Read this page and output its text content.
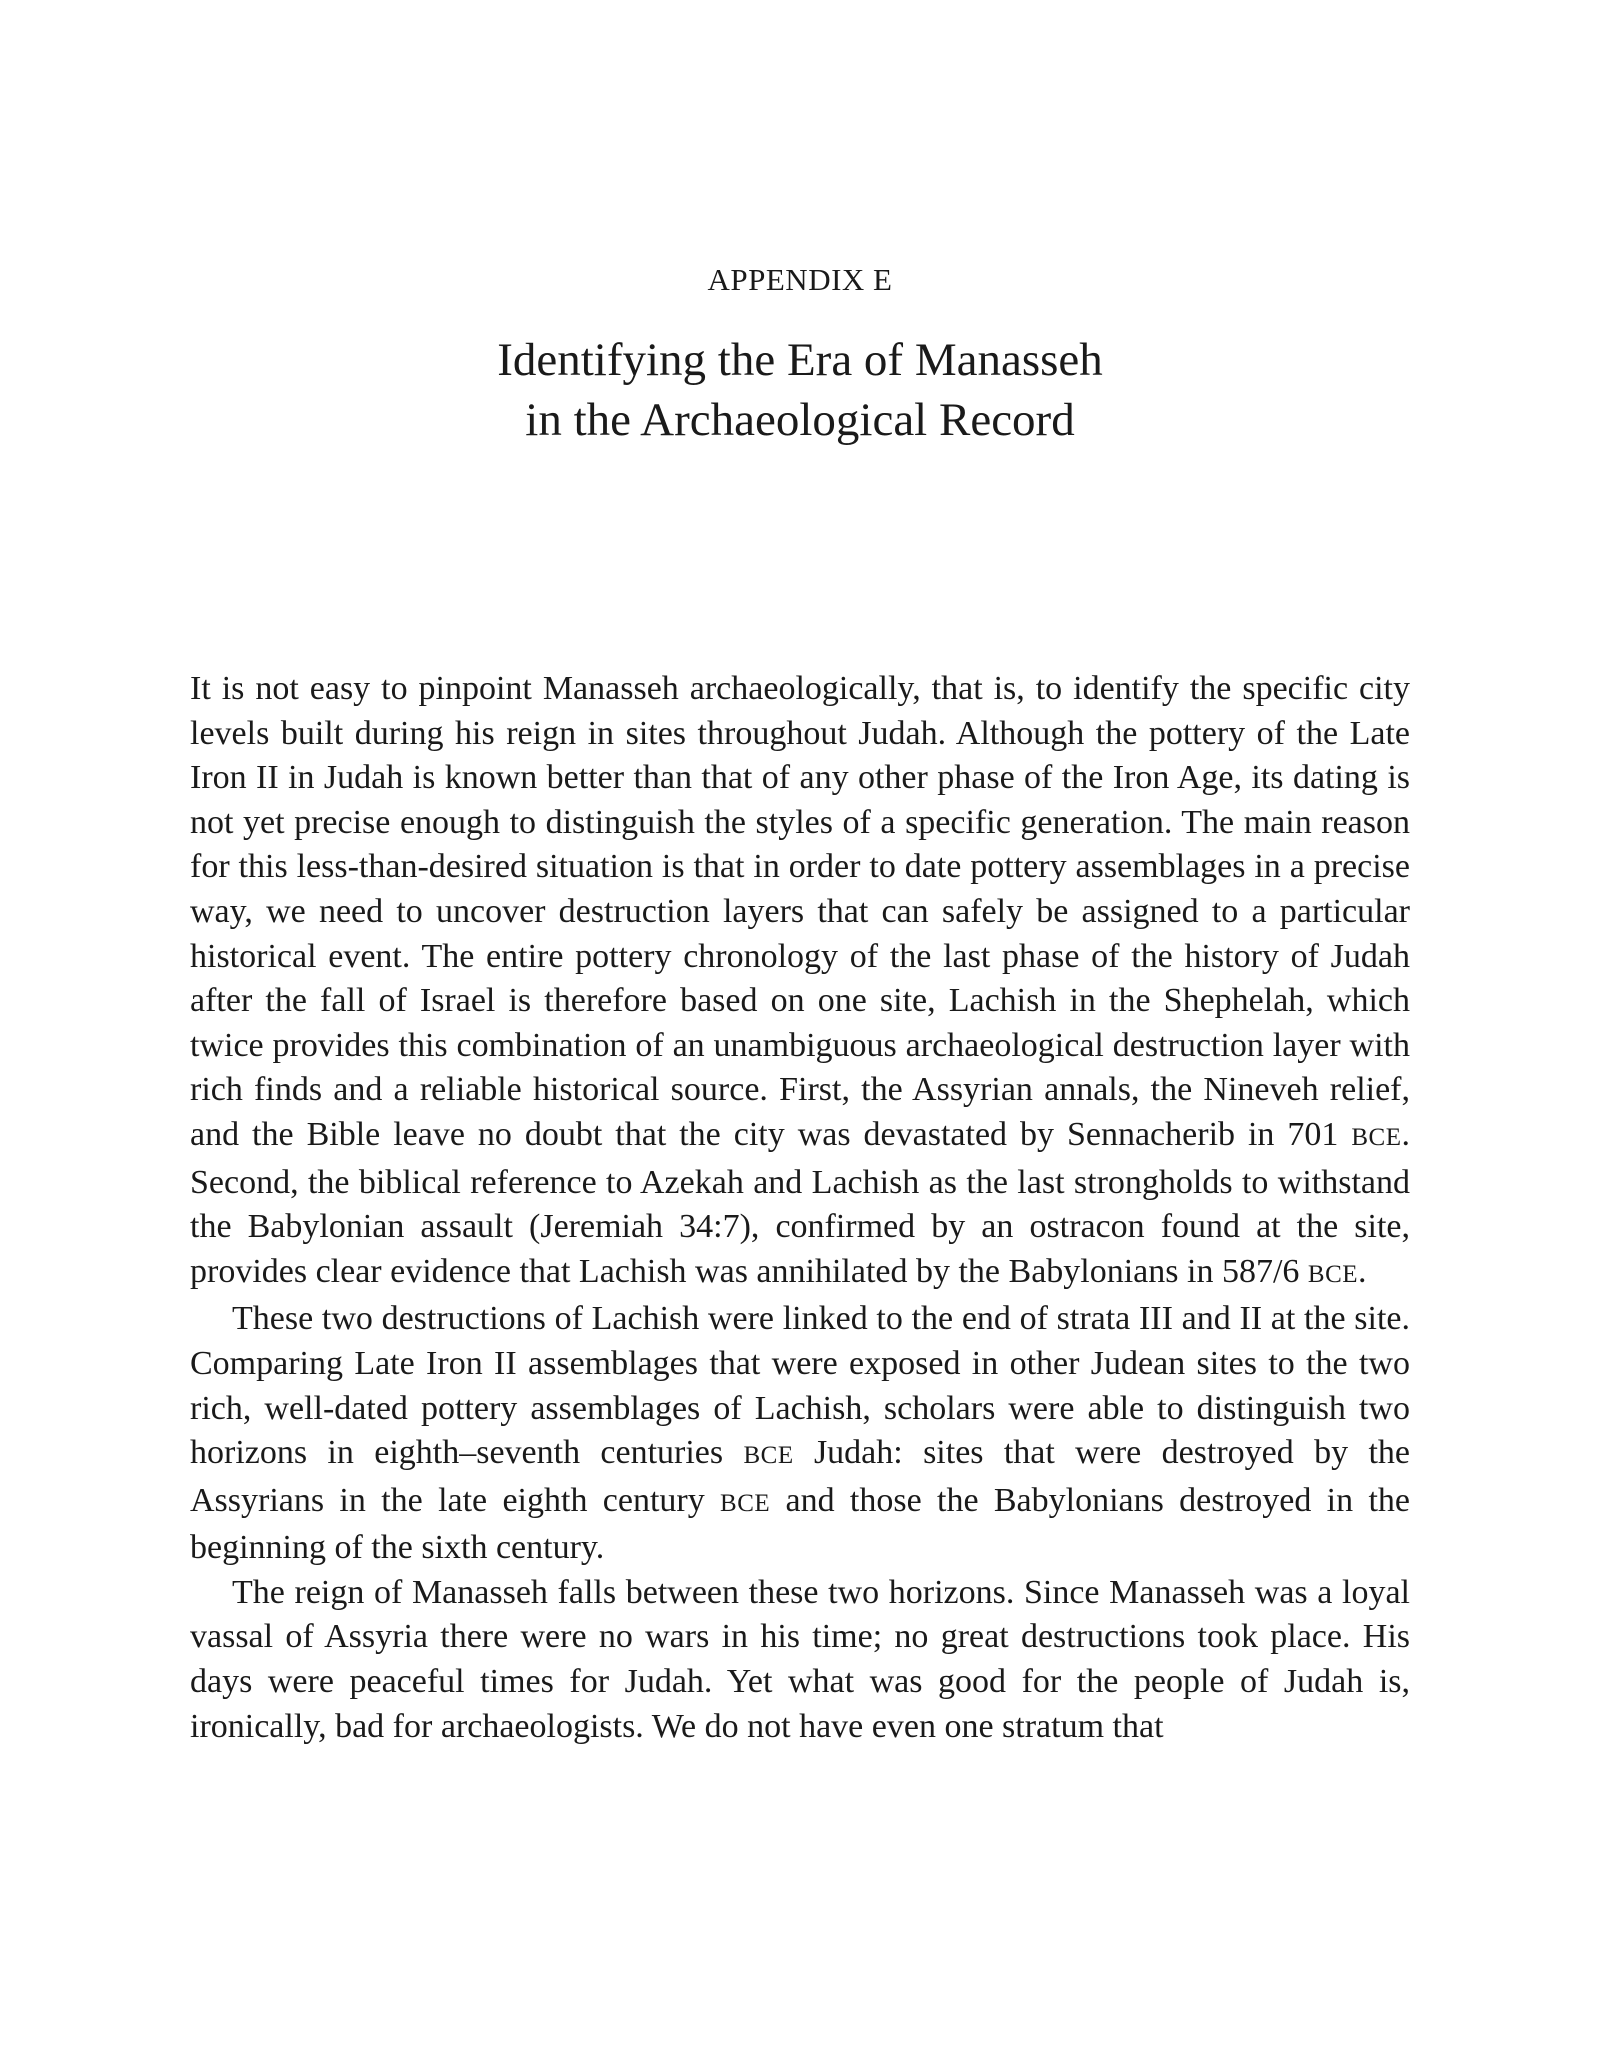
APPENDIX E
Identifying the Era of Manasseh
in the Archaeological Record

It is not easy to pinpoint Manasseh archaeologically, that is, to identify the specific city levels built during his reign in sites throughout Judah. Although the pottery of the Late Iron II in Judah is known better than that of any other phase of the Iron Age, its dating is not yet precise enough to distinguish the styles of a specific generation. The main reason for this less-than-desired situation is that in order to date pottery assemblages in a precise way, we need to uncover destruction layers that can safely be assigned to a particular historical event. The entire pottery chronology of the last phase of the history of Judah after the fall of Israel is therefore based on one site, Lachish in the Shephelah, which twice provides this combination of an unambiguous archaeological destruction layer with rich finds and a reliable historical source. First, the Assyrian annals, the Nineveh relief, and the Bible leave no doubt that the city was devastated by Sennacherib in 701 BCE. Second, the biblical reference to Azekah and Lachish as the last strongholds to withstand the Babylonian assault (Jeremiah 34:7), confirmed by an ostracon found at the site, provides clear evidence that Lachish was annihilated by the Babylonians in 587/6 BCE.

These two destructions of Lachish were linked to the end of strata III and II at the site. Comparing Late Iron II assemblages that were exposed in other Judean sites to the two rich, well-dated pottery assemblages of Lachish, scholars were able to distinguish two horizons in eighth–seventh centuries BCE Judah: sites that were destroyed by the Assyrians in the late eighth century BCE and those the Babylonians destroyed in the beginning of the sixth century.

The reign of Manasseh falls between these two horizons. Since Manasseh was a loyal vassal of Assyria there were no wars in his time; no great destructions took place. His days were peaceful times for Judah. Yet what was good for the people of Judah is, ironically, bad for archaeologists. We do not have even one stratum that
